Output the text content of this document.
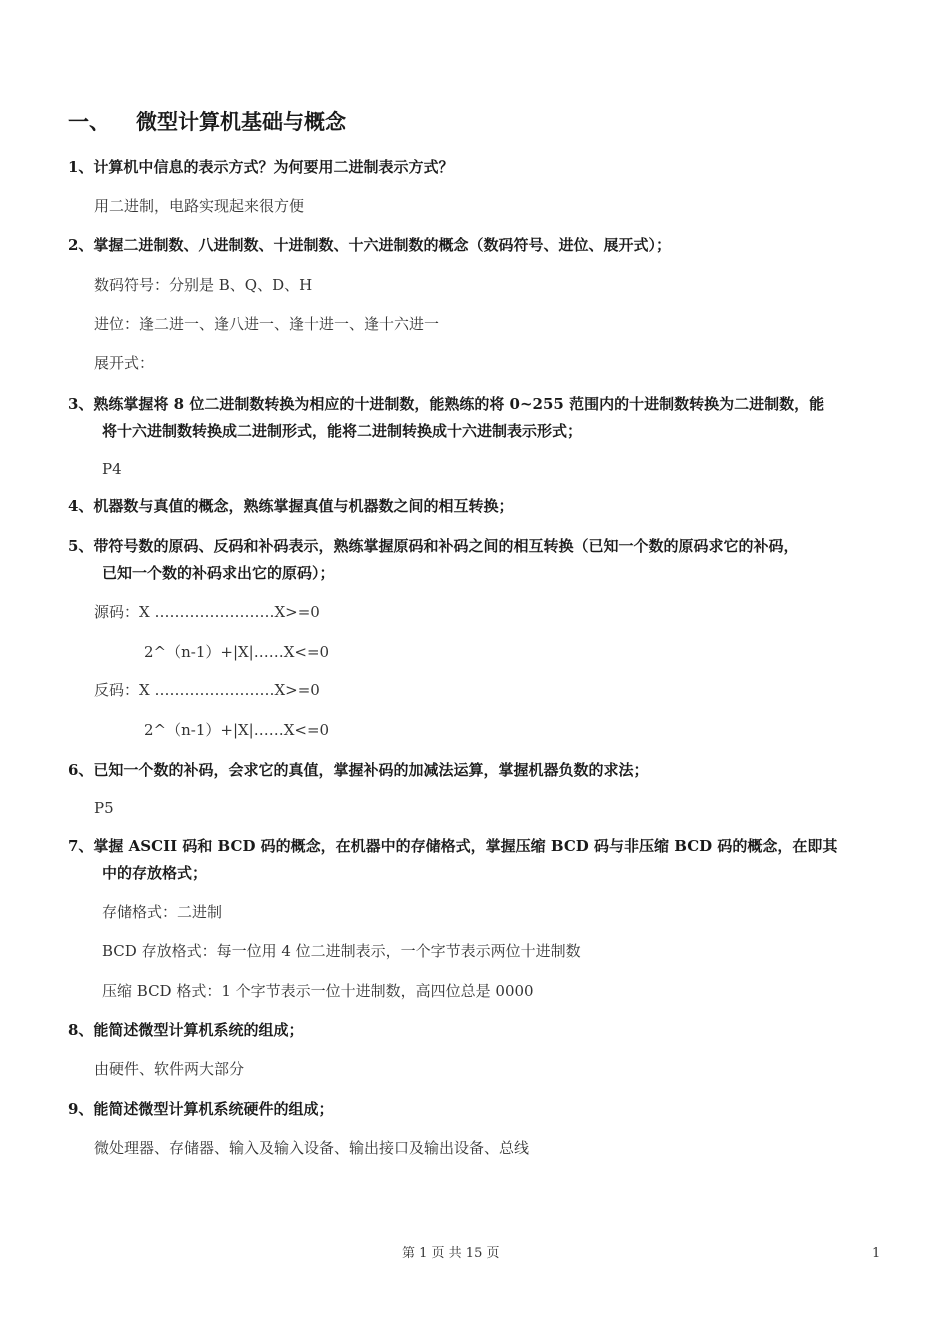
一、 微型计算机基础与概念
1、计算机中信息的表示方式？为何要用二进制表示方式？
用二进制，电路实现起来很方便
2、掌握二进制数、八进制数、十进制数、十六进制数的概念（数码符号、进位、展开式）；
数码符号：分别是 B、Q、D、H
进位：逢二进一、逢八进一、逢十进一、逢十六进一
展开式：
3、熟练掌握将 8 位二进制数转换为相应的十进制数，能熟练的将 0~255 范围内的十进制数转换为二进制数，能
将十六进制数转换成二进制形式，能将二进制转换成十六进制表示形式；
P4
4、机器数与真值的概念，熟练掌握真值与机器数之间的相互转换；
5、带符号数的原码、反码和补码表示，熟练掌握原码和补码之间的相互转换（已知一个数的原码求它的补码，
已知一个数的补码求出它的原码）；
源码：X ……………………X>=0
2^（n-1）+|X|……X<=0
反码：X ……………………X>=0
2^（n-1）+|X|……X<=0
6、已知一个数的补码，会求它的真值，掌握补码的加减法运算，掌握机器负数的求法；
P5
7、掌握 ASCII 码和 BCD 码的概念，在机器中的存储格式，掌握压缩 BCD 码与非压缩 BCD 码的概念，在即其
中的存放格式；
存储格式：二进制
BCD 存放格式：每一位用 4 位二进制表示，一个字节表示两位十进制数
压缩 BCD 格式：1 个字节表示一位十进制数，高四位总是 0000
8、能简述微型计算机系统的组成；
由硬件、软件两大部分
9、能简述微型计算机系统硬件的组成；
微处理器、存储器、输入及输入设备、输出接口及输出设备、总线
第 1 页 共 15 页	1
